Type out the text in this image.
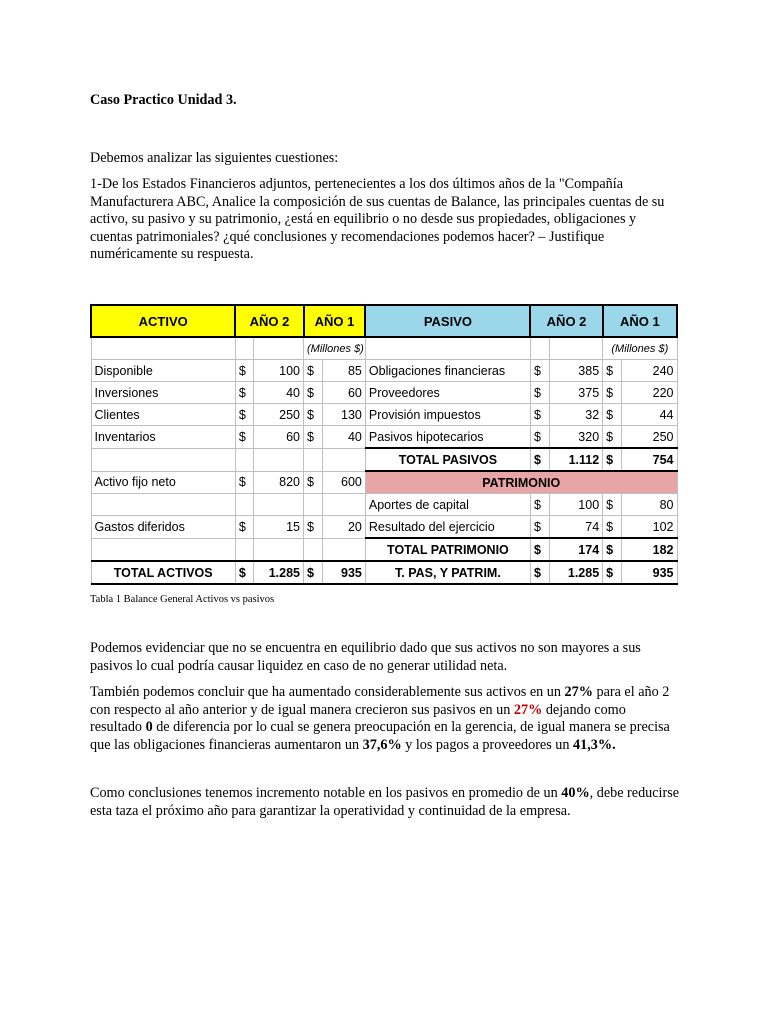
Caso Practico Unidad 3.
Debemos analizar las siguientes cuestiones:
1-De los Estados Financieros adjuntos, pertenecientes a los dos últimos años de la "Compañía Manufacturera ABC, Analice la composición de sus cuentas de Balance, las principales cuentas de su activo, su pasivo y su patrimonio, ¿está en equilibrio o no desde sus propiedades, obligaciones y cuentas patrimoniales? ¿qué conclusiones y recomendaciones podemos hacer? – Justifique numéricamente su respuesta.
ACTIVO	AÑO 2		AÑO 1		PASIVO	AÑO 2		AÑO 1	
			(Millones $)					(Millones $)	
Disponible	$	100	$	85	Obligaciones financieras	$	385	$	240
Inversiones	$	40	$	60	Proveedores	$	375	$	220
Clientes	$	250	$	130	Provisión impuestos	$	32	$	44
Inventarios	$	60	$	40	Pasivos hipotecarios	$	320	$	250
					TOTAL PASIVOS	$	1.112	$	754
Activo fijo neto	$	820	$	600	PATRIMONIO				
					Aportes de capital	$	100	$	80
Gastos diferidos	$	15	$	20	Resultado del ejercicio	$	74	$	102
					TOTAL PATRIMONIO	$	174	$	182
TOTAL ACTIVOS	$	1.285	$	935	T. PAS, Y PATRIM.	$	1.285	$	935
Tabla 1 Balance General Activos vs pasivos
Podemos evidenciar que no se encuentra en equilibrio dado que sus activos no son mayores a sus pasivos lo cual podría causar liquidez en caso de no generar utilidad neta.
También podemos concluir que ha aumentado considerablemente sus activos en un 27% para el año 2 con respecto al año anterior y de igual manera crecieron sus pasivos en un 27% dejando como resultado 0 de diferencia por lo cual se genera preocupación en la gerencia, de igual manera se precisa que las obligaciones financieras aumentaron un 37,6% y los pagos a proveedores un 41,3%.
Como conclusiones tenemos incremento notable en los pasivos en promedio de un 40%, debe reducirse esta taza el próximo año para garantizar la operatividad y continuidad de la empresa.
